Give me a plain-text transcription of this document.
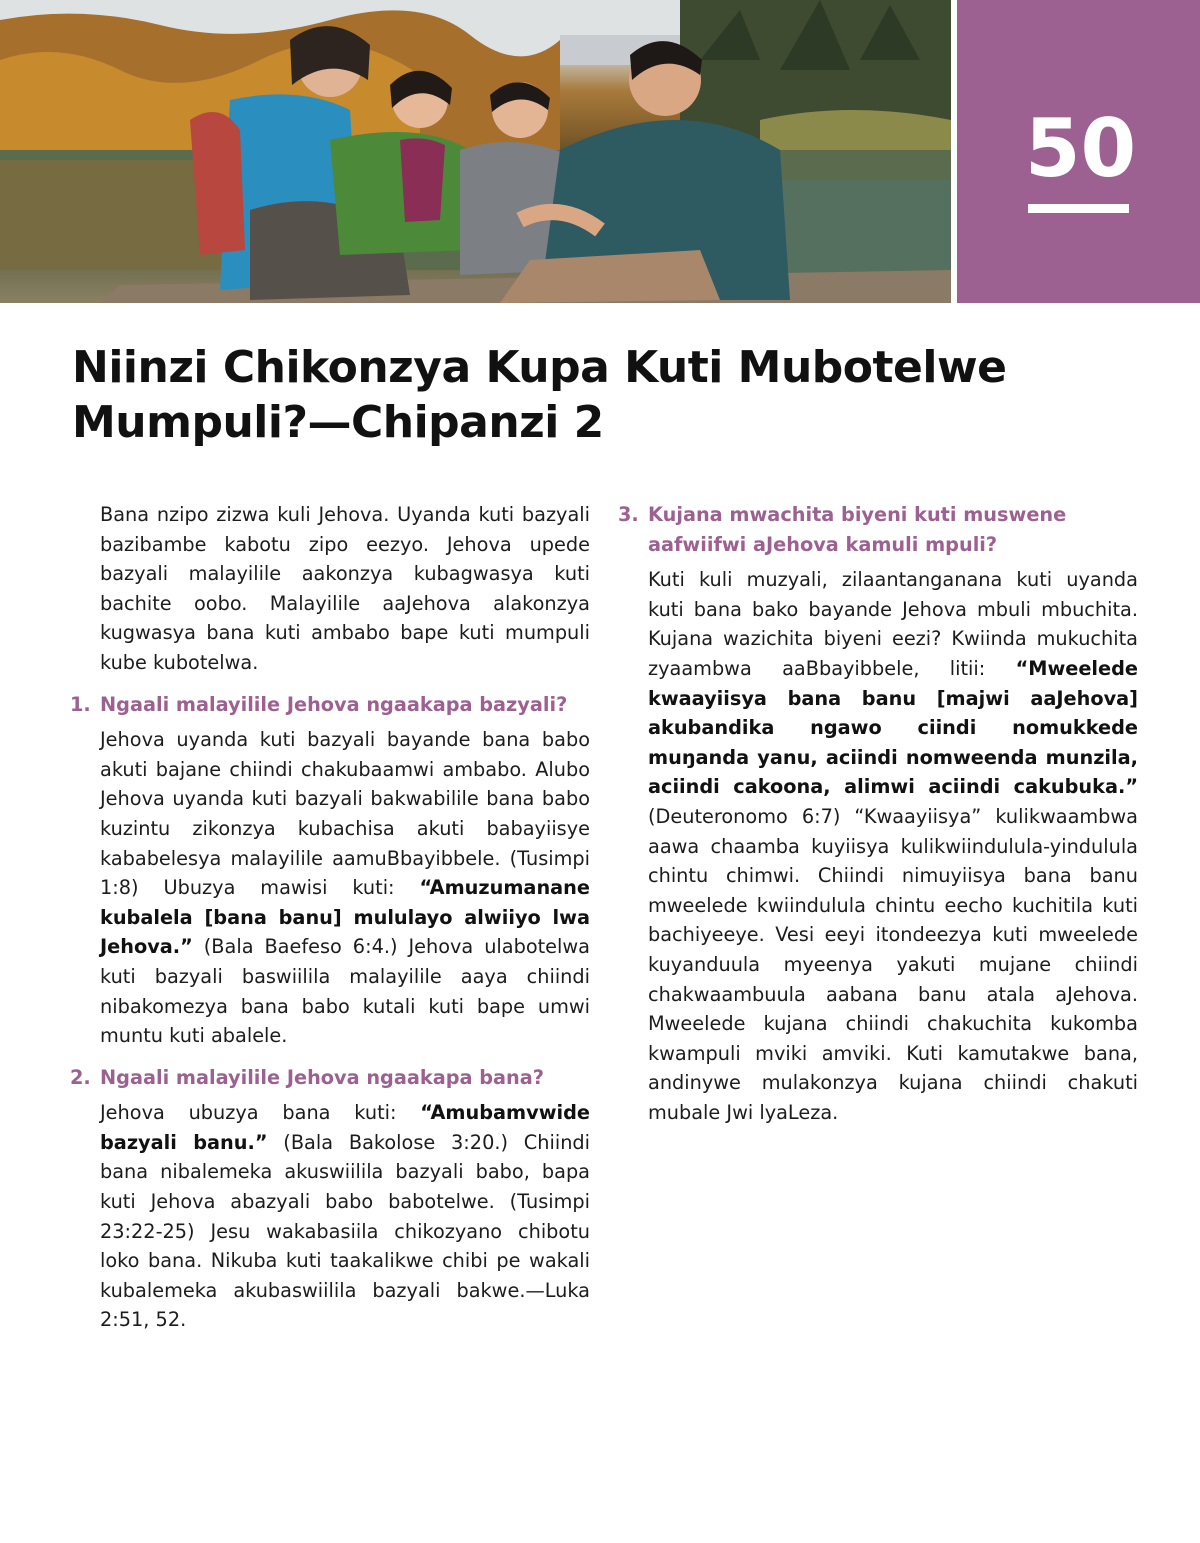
50
Niinzi Chikonzya Kupa Kuti Mubotelwe
Mumpuli?—Chipanzi 2

Bana nzipo zizwa kuli Jehova. Uyanda kuti bazyali bazibambe kabotu zipo eezyo. Jehova upede bazyali malayilile aakonzya kubagwasya kuti bachite oobo. Malayilile aaJehova alakonzya kugwasya bana kuti ambabo bape kuti mumpuli kube kubotelwa.

1. Ngaali malayilile Jehova ngaakapa bazyali?

Jehova uyanda kuti bazyali bayande bana babo akuti bajane chiindi chakubaamwi ambabo. Alubo Jehova uyanda kuti bazyali bakwabilile bana babo kuzintu zikonzya kubachisa akuti babayiisye kababelesya malayilile aamuBbayibbele. (Tusimpi 1:8) Ubuzya mawisi kuti: “Amuzumanane kubalela [bana banu] mululayo alwiiyo lwa Jehova.” (Bala Baefeso 6:4.) Jehova ulabotelwa kuti bazyali baswiilila malayilile aaya chiindi nibakomezya bana babo kutali kuti bape umwi muntu kuti abalele.

2. Ngaali malayilile Jehova ngaakapa bana?

Jehova ubuzya bana kuti: “Amubamvwide bazyali banu.” (Bala Bakolose 3:20.) Chiindi bana nibalemeka akuswiilila bazyali babo, bapa kuti Jehova abazyali babo babotelwe. (Tusimpi 23:22-25) Jesu wakabasiila chikozyano chibotu loko bana. Nikuba kuti taakalikwe chibi pe wakali kubalemeka akubaswiilila bazyali bakwe.—Luka 2:51, 52.

3. Kujana mwachita biyeni kuti muswene aafwiifwi aJehova kamuli mpuli?

Kuti kuli muzyali, zilaantanganana kuti uyanda kuti bana bako bayande Jehova mbuli mbuchita. Kujana wazichita biyeni eezi? Kwiinda mukuchita zyaambwa aaBbayibbele, litii: “Mweelede kwaayiisya bana banu [majwi aaJehova] akubandika ngawo ciindi nomukkede muŋanda yanu, aciindi nomweenda munzila, aciindi cakoona, alimwi aciindi cakubuka.” (Deuteronomo 6:7) “Kwaayiisya” kulikwaambwa aawa chaamba kuyiisya kulikwiindulula-yindulula chintu chimwi. Chiindi nimuyiisya bana banu mweelede kwiindulula chintu eecho kuchitila kuti bachiyeeye. Vesi eeyi itondeezya kuti mweelede kuyanduula myeenya yakuti mujane chiindi chakwaambuula aabana banu atala aJehova. Mweelede kujana chiindi chakuchita kukomba kwampuli mviki amviki. Kuti kamutakwe bana, andinywe mulakonzya kujana chiindi chakuti mubale Jwi lyaLeza.
